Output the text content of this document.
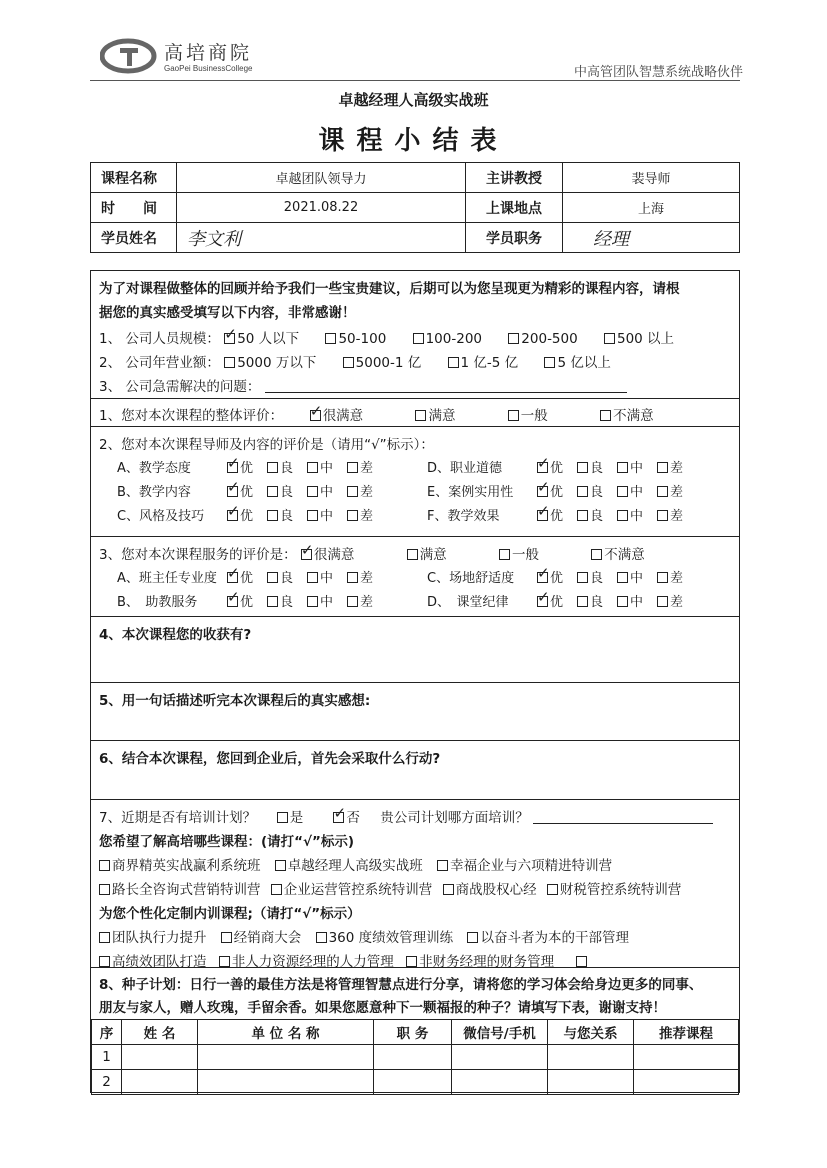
高培商院
GaoPei BusinessCollege	中高管团队智慧系统战略伙伴
卓越经理人高级实战班
课程小结表
课程名称	卓越团队领导力	主讲教授	裴导师
时　　间	2021.08.22	上课地点	上海
学员姓名	李文利	学员职务	经理
为了对课程做整体的回顾并给予我们一些宝贵建议，后期可以为您呈现更为精彩的课程内容，请根
据您的真实感受填写以下内容，非常感谢！
1、 公司人员规模： ✓ 50 人以下	50-100	100-200	200-500	500 以上
2、 公司年营业额： 5000 万以下	5000-1 亿	1 亿-5 亿	5 亿以上
3、 公司急需解决的问题：
1、您对本次课程的整体评价： ✓	很满意	满意	一般	不满意
2、您对本次课程导师及内容的评价是（请用“√”标示）：
A、教学态度 ✓	优 良 中 差
B、教学内容 ✓	优 良 中 差
C、风格及技巧 ✓	优 良 中 差
D、职业道德 ✓	优 良 中 差
E、案例实用性 ✓	优 良 中 差
F、教学效果 ✓	优 良 中 差
3、您对本次课程服务的评价是： ✓ 很满意	满意	一般	不满意
A、班主任专业度 ✓ 优 良 中 差
B、　助教服务 ✓	优 良 中 差
C、场地舒适度 ✓	优 良 中 差
D、　课堂纪律 ✓	优 良 中 差
4、本次课程您的收获有?
5、用一句话描述听完本次课程后的真实感想:
6、结合本次课程，您回到企业后，首先会采取什么行动?
7、近期是否有培训计划？ 是 ✓	否 贵公司计划哪方面培训？
您希望了解高培哪些课程：(请打“√”标示)
商界精英实战赢利系统班 卓越经理人高级实战班 幸福企业与六项精进特训营
路长全咨询式营销特训营 企业运营管控系统特训营 商战股权心经 财税管控系统特训营
为您个性化定制内训课程;（请打“√”标示）
团队执行力提升 经销商大会 360 度绩效管理训练 以奋斗者为本的干部管理
高绩效团队打造 非人力资源经理的人力管理 非财务经理的财务管理
8、种子计划：日行一善的最佳方法是将管理智慧点进行分享，请将您的学习体会给身边更多的同事、
朋友与家人，赠人玫瑰，手留余香。如果您愿意种下一颗福报的种子？请填写下表，谢谢支持！
序	姓 名	单 位 名 称	职 务	微信号/手机	与您关系	推荐课程
1						
2						
